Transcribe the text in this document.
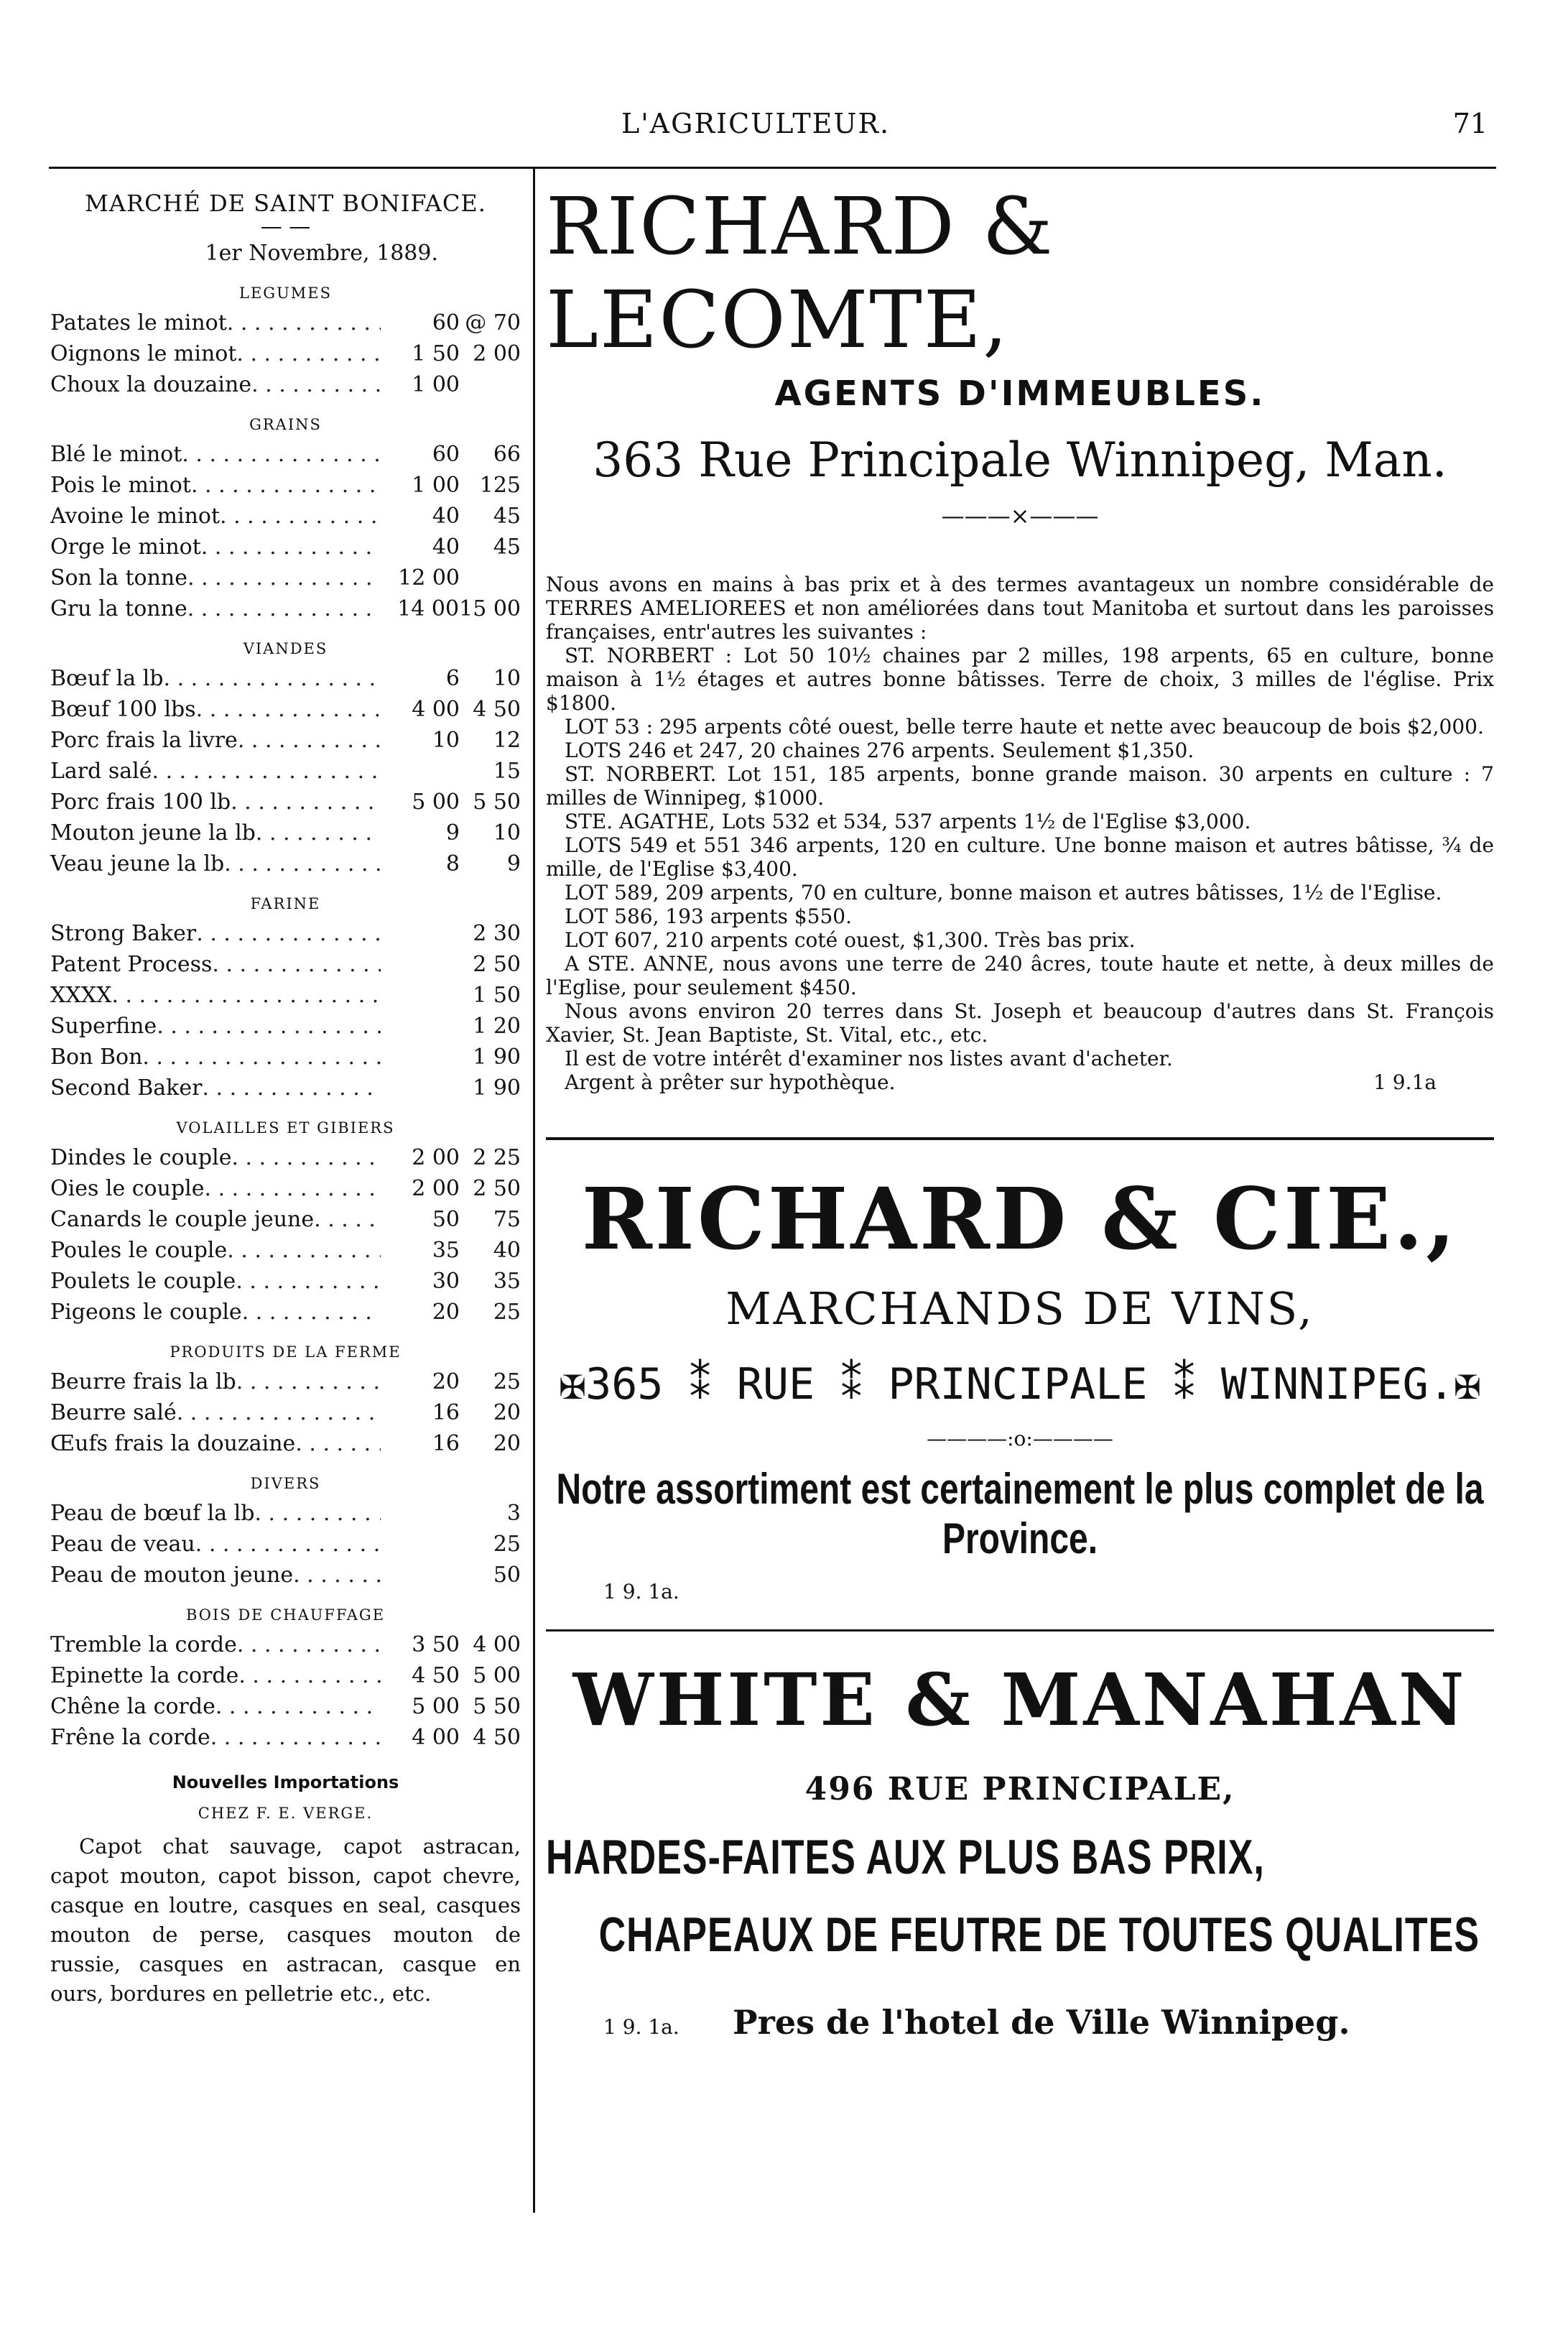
L'AGRICULTEUR.	71
MARCHÉ DE SAINT BONIFACE.
— —
1er Novembre, 1889.
LEGUMES
Patates le minot . . .	60 @ 70
Oignons le minot . . .	1 50 2 00
Choux la douzaine . . .	1 00
GRAINS
Blé le minot . . .	60	66
Pois le minot . . .	1 00 125
Avoine le minot . . .	40	45
Orge le minot . . .	40	45
Son la tonne . . .	12 00
Gru la tonne . . .	14 00 15 00
VIANDES
Bœuf la lb . . .	6	10
Bœuf 100 lbs . . .	4 00 4 50
Porc frais la livre . . .	10	12
Lard salé . . .	15
Porc frais 100 lb . . .	5 00 5 50
Mouton jeune la lb . . .	9	10
Veau jeune la lb . . .	8	9
FARINE
Strong Baker . . .	2 30
Patent Process . . .	2 50
XXXX . . .	1 50
Superfine . . .	1 20
Bon Bon . . .	1 90
Second Baker . . .	1 90
VOLAILLES ET GIBIERS
Dindes le couple . . .	2 00 2 25
Oies le couple . . .	2 00 2 50
Canards le couple jeune . . .	50	75
Poules le couple . . .	35	40
Poulets le couple . . .	30	35
Pigeons le couple . . .	20	25
PRODUITS DE LA FERME
Beurre frais la lb . . .	20	25
Beurre salé . . .	16	20
Œufs frais la douzaine . . .	16	20
DIVERS
Peau de bœuf la lb . . .	3
Peau de veau . . .	25
Peau de mouton jeune . . .	50
BOIS DE CHAUFFAGE
Tremble la corde . . .	3 50 4 00
Epinette la corde . . .	4 50 5 00
Chêne la corde . . .	5 00 5 50
Frêne la corde . . .	4 00 4 50
Nouvelles Importations
CHEZ F. E. VERGE.
Capot chat sauvage, capot astracan, capot mouton, capot bisson, capot chevre, casque en loutre, casques en seal, casques mouton de perse, casques mouton de russie, casques en astracan, casque en ours, bordures en pelletrie etc., etc.
RICHARD & LECOMTE,
AGENTS D'IMMEUBLES.
363 Rue Principale Winnipeg, Man.
———×———

Nous avons en mains à bas prix et à des termes avantageux un nombre considérable de TERRES AMELIOREES et non améliorées dans tout Manitoba et surtout dans les paroisses françaises, entr'autres les suivantes :

ST. NORBERT : Lot 50 10½ chaines par 2 milles, 198 arpents, 65 en culture, bonne maison à 1½ étages et autres bonne bâtisses. Terre de choix, 3 milles de l'église. Prix $1800.

LOT 53 : 295 arpents côté ouest, belle terre haute et nette avec beaucoup de bois $2,000.

LOTS 246 et 247, 20 chaines 276 arpents. Seulement $1,350.

ST. NORBERT. Lot 151, 185 arpents, bonne grande maison. 30 arpents en culture : 7 milles de Winnipeg, $1000.

STE. AGATHE, Lots 532 et 534, 537 arpents 1½ de l'Eglise $3,000.

LOTS 549 et 551 346 arpents, 120 en culture. Une bonne maison et autres bâtisse, ¾ de mille, de l'Eglise $3,400.

LOT 589, 209 arpents, 70 en culture, bonne maison et autres bâtisses, 1½ de l'Eglise.

LOT 586, 193 arpents $550.

LOT 607, 210 arpents coté ouest, $1,300. Très bas prix.

A STE. ANNE, nous avons une terre de 240 âcres, toute haute et nette, à deux milles de l'Eglise, pour seulement $450.

Nous avons environ 20 terres dans St. Joseph et beaucoup d'autres dans St. François Xavier, St. Jean Baptiste, St. Vital, etc., etc.

Il est de votre intérêt d'examiner nos listes avant d'acheter.

Argent à prêter sur hypothèque.	1 9.1a
RICHARD & CIE.,
MARCHANDS DE VINS,
✠365 ⁑ RUE ⁑ PRINCIPALE ⁑ WINNIPEG.✠
————:o:————
Notre assortiment est certainement le plus complet de la Province.
1 9. 1a.
WHITE & MANAHAN
496 RUE PRINCIPALE,
HARDES-FAITES AUX PLUS BAS PRIX,
CHAPEAUX DE FEUTRE DE TOUTES QUALITES
1 9. 1a.	Pres de l'hotel de Ville Winnipeg.
